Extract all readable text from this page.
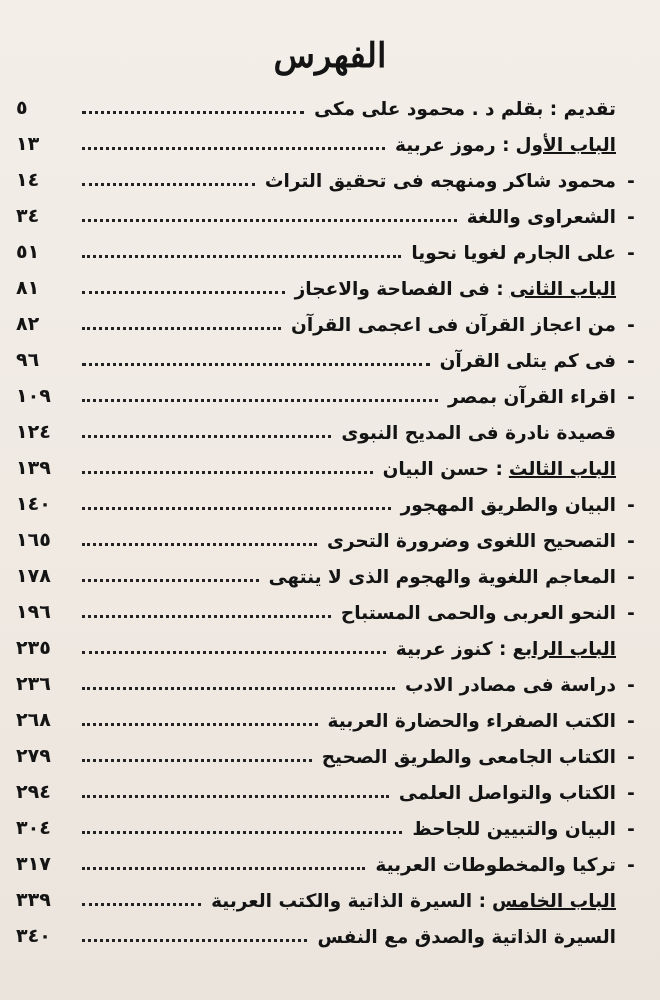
الفهرس
تقديم : بقلم د . محمود على مكى
٥
الباب الأول
: رموز عربية
١٣
-
محمود شاكر ومنهجه فى تحقيق التراث
١٤
-
الشعراوى واللغة
٣٤
-
على الجارم لغويا نحويا
٥١
الباب الثانى
: فى الفصاحة والاعجاز
٨١
-
من اعجاز القرآن فى اعجمى القرآن
٨٢
-
فى كم يتلى القرآن
٩٦
-
اقراء القرآن بمصر
١٠٩
قصيدة نادرة فى المديح النبوى
١٢٤
الباب الثالث
: حسن البيان
١٣٩
-
البيان والطريق المهجور
١٤٠
-
التصحيح اللغوى وضرورة التحرى
١٦٥
-
المعاجم اللغوية والهجوم الذى لا ينتهى
١٧٨
-
النحو العربى والحمى المستباح
١٩٦
الباب الرابع
: كنوز عربية
٢٣٥
-
دراسة فى مصادر الادب
٢٣٦
-
الكتب الصفراء والحضارة العربية
٢٦٨
-
الكتاب الجامعى والطريق الصحيح
٢٧٩
-
الكتاب والتواصل العلمى
٢٩٤
-
البيان والتبيين للجاحظ
٣٠٤
-
تركيا والمخطوطات العربية
٣١٧
الباب الخامس
: السيرة الذاتية والكتب العربية
٣٣٩
السيرة الذاتية والصدق مع النفس
٣٤٠
